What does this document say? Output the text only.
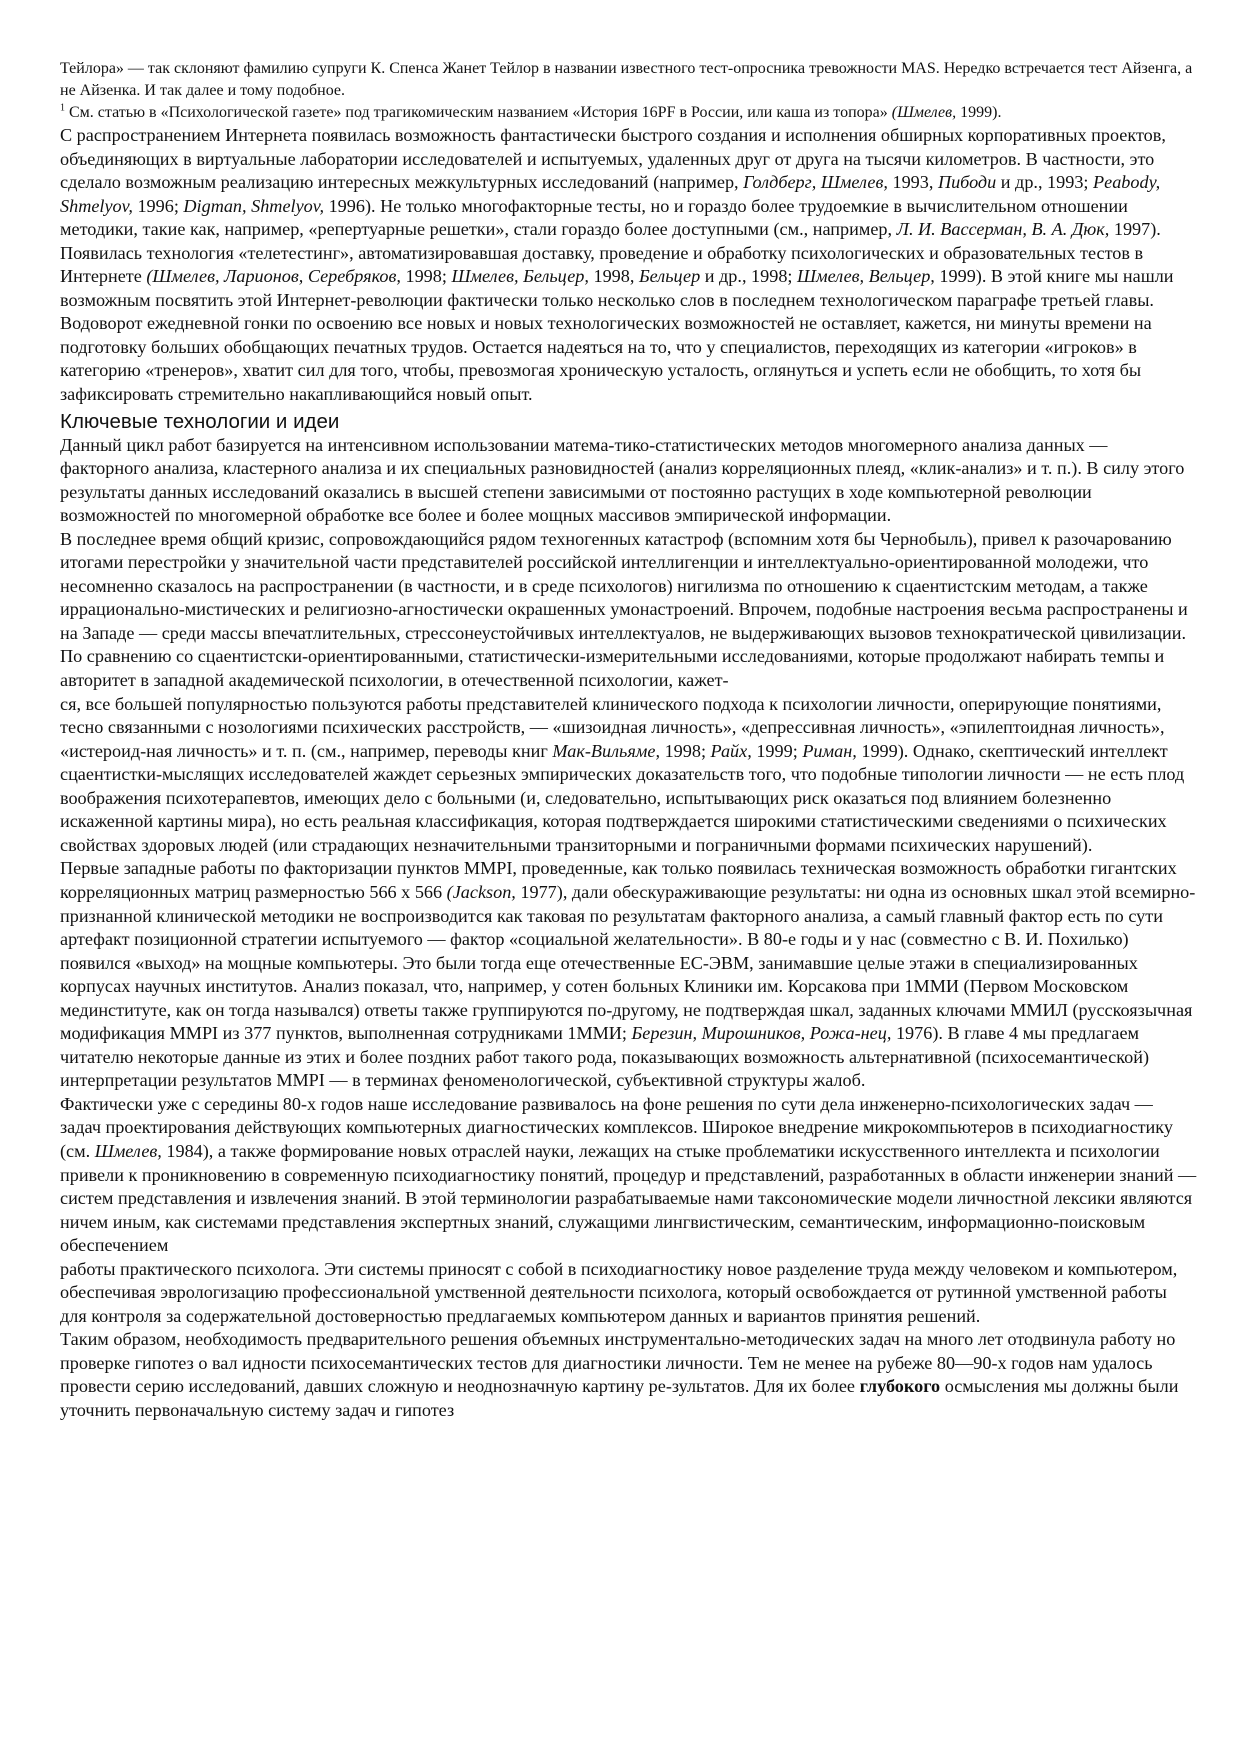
Тейлора» — так склоняют фамилию супруги К. Спенса Жанет Тейлор в названии известного тест-опросника тревожности MAS. Нередко встречается тест Айзенга, а не Айзенка. И так далее и тому подобное.

$^1$ См. статью в «Психологической газете» под трагикомическим названием «История 16PF в России, или каша из топора» (Шмелев, 1999).

С распространением Интернета появилась возможность фантастически быстрого создания и исполнения обширных корпоративных проектов, объединяющих в виртуальные лаборатории исследователей и испытуемых, удаленных друг от друга на тысячи километров. В частности, это сделало возможным реализацию интересных межкультурных исследований (например, Голдберг, Шмелев, 1993, Пибоди и др., 1993; Peabody, Shmelyov, 1996; Digman, Shmelyov, 1996). Не только многофакторные тесты, но и гораздо более трудоемкие в вычислительном отношении методики, такие как, например, «репертуарные решетки», стали гораздо более доступными (см., например, Л. И. Вассерман, В. А. Дюк, 1997). Появилась технология «телетестинг», автоматизировавшая доставку, проведение и обработку психологических и образовательных тестов в Интернете (Шмелев, Ларионов, Серебряков, 1998; Шмелев, Бельцер, 1998, Бельцер и др., 1998; Шмелев, Вельцер, 1999). В этой книге мы нашли возможным посвятить этой Интернет-революции фактически только несколько слов в последнем технологическом параграфе третьей главы. Водоворот ежедневной гонки по освоению все новых и новых технологических возможностей не оставляет, кажется, ни минуты времени на подготовку больших обобщающих печатных трудов. Остается надеяться на то, что у специалистов, переходящих из категории «игроков» в категорию «тренеров», хватит сил для того, чтобы, превозмогая хроническую усталость, оглянуться и успеть если не обобщить, то хотя бы зафиксировать стремительно накапливающийся новый опыт.

Ключевые технологии и идеи

Данный цикл работ базируется на интенсивном использовании матема-тико-статистических методов многомерного анализа данных — факторного анализа, кластерного анализа и их специальных разновидностей (анализ корреляционных плеяд, «клик-анализ» и т. п.). В силу этого результаты данных исследований оказались в высшей степени зависимыми от постоянно растущих в ходе компьютерной революции возможностей по многомерной обработке все более и более мощных массивов эмпирической информации.

В последнее время общий кризис, сопровождающийся рядом техногенных катастроф (вспомним хотя бы Чернобыль), привел к разочарованию итогами перестройки у значительной части представителей российской интеллигенции и интеллектуально-ориентированной молодежи, что несомненно сказалось на распространении (в частности, и в среде психологов) нигилизма по отношению к сцаентистским методам, а также иррационально-мистических и религиозно-агностически окрашенных умонастроений. Впрочем, подобные настроения весьма распространены и на Западе — среди массы впечатлительных, стрессонеустойчивых интеллектуалов, не выдерживающих вызовов технократической цивилизации. По сравнению со сцаентистски-ориентированными, статистически-измерительными исследованиями, которые продолжают набирать темпы и авторитет в западной академической психологии, в отечественной психологии, кажет-

ся, все большей популярностью пользуются работы представителей клинического подхода к психологии личности, оперирующие понятиями, тесно связанными с нозологиями психических расстройств, — «шизоидная личность», «депрессивная личность», «эпилептоидная личность», «истероид-ная личность» и т. п. (см., например, переводы книг Мак-Вильяме, 1998; Райх, 1999; Риман, 1999). Однако, скептический интеллект сцаентистки-мыслящих исследователей жаждет серьезных эмпирических доказательств того, что подобные типологии личности — не есть плод воображения психотерапевтов, имеющих дело с больными (и, следовательно, испытывающих риск оказаться под влиянием болезненно искаженной картины мира), но есть реальная классификация, которая подтверждается широкими статистическими сведениями о психических свойствах здоровых людей (или страдающих незначительными транзиторными и пограничными формами психических нарушений).

Первые западные работы по факторизации пунктов MMPI, проведенные, как только появилась техническая возможность обработки гигантских корреляционных матриц размерностью 566 x 566 (Jackson, 1977), дали обескураживающие результаты: ни одна из основных шкал этой всемирно-признанной клинической методики не воспроизводится как таковая по результатам факторного анализа, а самый главный фактор есть по сути артефакт позиционной стратегии испытуемого — фактор «социальной желательности». В 80-е годы и у нас (совместно с В. И. Похилько) появился «выход» на мощные компьютеры. Это были тогда еще отечественные ЕС-ЭВМ, занимавшие целые этажи в специализированных корпусах научных институтов. Анализ показал, что, например, у сотен больных Клиники им. Корсакова при 1ММИ (Первом Московском мединституте, как он тогда назывался) ответы также группируются по-другому, не подтверждая шкал, заданных ключами ММИЛ (русскоязычная модификация MMPI из 377 пунктов, выполненная сотрудниками 1ММИ; Березин, Мирошников, Рожа-нец, 1976). В главе 4 мы предлагаем читателю некоторые данные из этих и более поздних работ такого рода, показывающих возможность альтернативной (психосемантической) интерпретации результатов MMPI — в терминах феноменологической, субъективной структуры жалоб.

Фактически уже с середины 80-х годов наше исследование развивалось на фоне решения по сути дела инженерно-психологических задач — задач проектирования действующих компьютерных диагностических комплексов. Широкое внедрение микрокомпьютеров в психодиагностику (см. Шмелев, 1984), а также формирование новых отраслей науки, лежащих на стыке проблематики искусственного интеллекта и психологии привели к проникновению в современную психодиагностику понятий, процедур и представлений, разработанных в области инженерии знаний — систем представления и извлечения знаний. В этой терминологии разрабатываемые нами таксономические модели личностной лексики являются ничем иным, как системами представления экспертных знаний, служащими лингвистическим, семантическим, информационно-поисковым обеспечением

работы практического психолога. Эти системы приносят с собой в психодиагностику новое разделение труда между человеком и компьютером, обеспечивая эврологизацию профессиональной умственной деятельности психолога, который освобождается от рутинной умственной работы для контроля за содержательной достоверностью предлагаемых компьютером данных и вариантов принятия решений.

Таким образом, необходимость предварительного решения объемных инструментально-методических задач на много лет отодвинула работу но проверке гипотез о вал идности психосемантических тестов для диагностики личности. Тем не менее на рубеже 80—90-х годов нам удалось провести серию исследований, давших сложную и неоднозначную картину ре-зультатов. Для их более глубокого осмысления мы должны были уточнить первоначальную систему задач и гипотез
